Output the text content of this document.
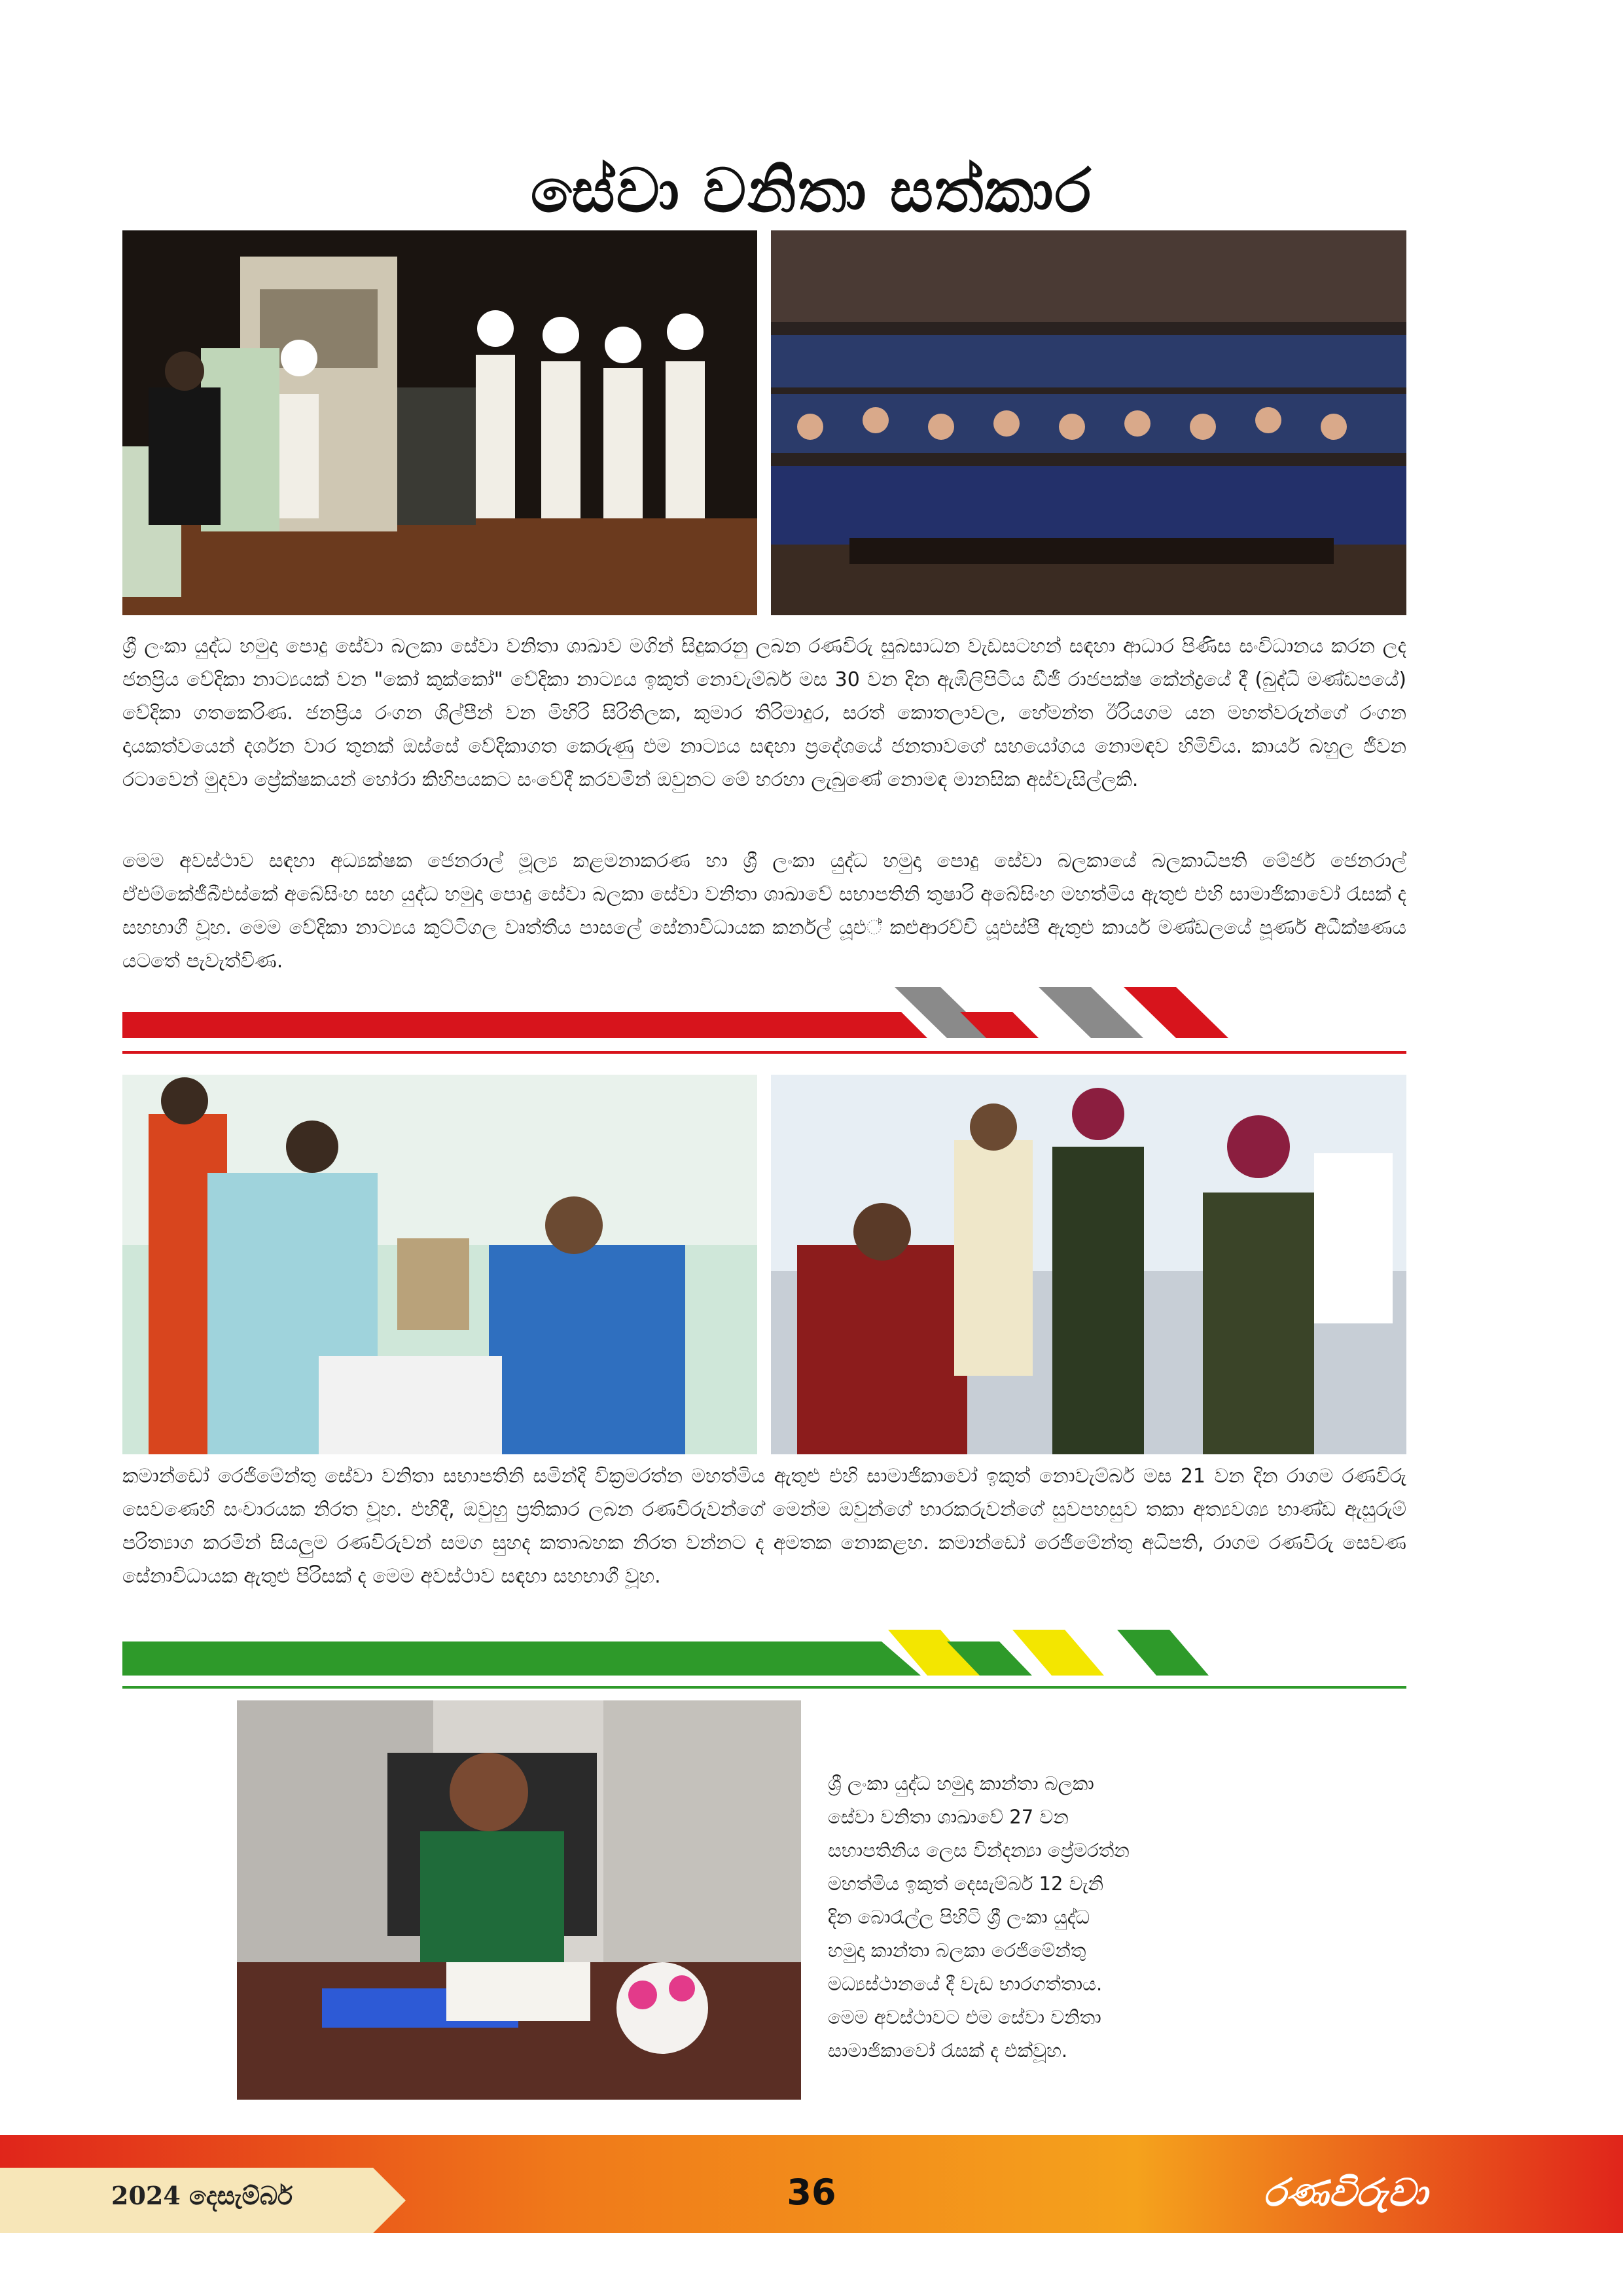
සේවා වනිතා සත්කාර
ශ්‍රී ලංකා යුද්ධ හමුදා පොදු සේවා බලකා සේවා වනිතා ශාඛාව මගින් සිදුකරනු ලබන රණවිරු සුබසාධන වැඩසටහන් සඳහා ආධාර පිණිස සංවිධානය කරන ලද ජනප්‍රිය වේදිකා නාට්‍යයක් වන "කෝ කුක්කෝ" වේදිකා නාට්‍යය ඉකුත් නොවැම්බර් මස 30 වන දින ඇඹිලිපිටිය ඩීජී රාජපක්ෂ කේන්ද්‍රයේ දී (බුද්ධි මණ්ඩපයේ) වේදිකා ගතකෙරිණ. ජනප්‍රිය රංගන ශිල්පීන් වන මිහිරි සිරිතිලක, කුමාර තිරිමාදුර, සරත් කොතලාවල, හේමන්ත ඊරියගම යන මහත්වරුන්ගේ රංගන දායකත්වයෙන් දර්ශන වාර තුනක් ඔස්සේ වේදිකාගත කෙරුණු එම නාට්‍යය සඳහා ප්‍රදේශයේ ජනතාවගේ සහයෝගය නොමඳව හිමිවිය. කාර්ය බහුල ජීවන රටාවෙන් මුදවා ප්‍රේක්ෂකයන් හෝරා කිහිපයකට සංවේදී කරවමින් ඔවුනට මේ හරහා ලැබුණේ නොමඳ මානසික අස්වැසිල්ලකි.
මෙම අවස්ථාව සඳහා අධ්‍යක්ෂක ජෙනරාල් මූල්‍ය කළමනාකරණ හා ශ්‍රී ලංකා යුද්ධ හමුදා පොදු සේවා බලකායේ බලකාධිපති මේජර් ජෙනරාල් ඒඑම්කේජීබීඑස්කේ අබේසිංහ සහ යුද්ධ හමුදා පොදු සේවා බලකා සේවා වනිතා ශාඛාවේ සභාපතිනි තුෂාරි අබේසිංහ මහත්මිය ඇතුළු එහි සාමාජිකාවෝ රැසක් ද සහභාගී වූහ. මෙම වේදිකා නාට්‍යය කුට්ටිගල වෘත්තීය පාසලේ සේනාවිධායක කර්නල් යූඑ් කළුආරච්චි යූඑස්පී ඇතුළු කාර්ය මණ්ඩලයේ පූර්ණ අධීක්ෂණය යටතේ පැවැත්විණ.
කමාන්ඩෝ රෙජිමේන්තු සේවා වනිතා සභාපතිනි සමින්දි වික්‍රමරත්න මහත්මිය ඇතුළු එහි සාමාජිකාවෝ ඉකුත් නොවැම්බර් මස 21 වන දින රාගම රණවිරු සෙවණෙහි සංචාරයක නිරත වූහ. එහිදී, ඔවුහු ප්‍රතිකාර ලබන රණවිරුවන්ගේ මෙන්ම ඔවුන්ගේ භාරකරුවන්ගේ සුවපහසුව තකා අත්‍යවශ්‍ය භාණ්ඩ ඇසුරුම් පරිත්‍යාග කරමින් සියලුම රණවිරුවන් සමග සුහද කතාබහක නිරත වන්නට ද අමතක නොකළහ. කමාන්ඩෝ රෙජිමේන්තු අධිපති, රාගම රණවිරු සෙවණ සේනාවිධායක ඇතුළු පිරිසක් ද මෙම අවස්ථාව සඳහා සහභාගී වූහ.
ශ්‍රී ලංකා යුද්ධ හමුදා කාන්තා බලකා
සේවා වනිතා ශාඛාවේ 27 වන
සභාපතිනිය ලෙස වින්දන්‍යා ප්‍රේමරත්න
මහත්මිය ඉකුත් දෙසැම්බර් 12 වැනි
දින බොරැල්ල පිහිටි ශ්‍රී ලංකා යුද්ධ
හමුදා කාන්තා බලකා රෙජිමේන්තු
මධ්‍යස්ථානයේ දී වැඩ භාරගත්තාය.
මෙම අවස්ථාවට එම සේවා වනිතා
සාමාජිකාවෝ රැසක් ද එක්වූහ.
2024 දෙසැම්බර්	36	රණවිරුවා
